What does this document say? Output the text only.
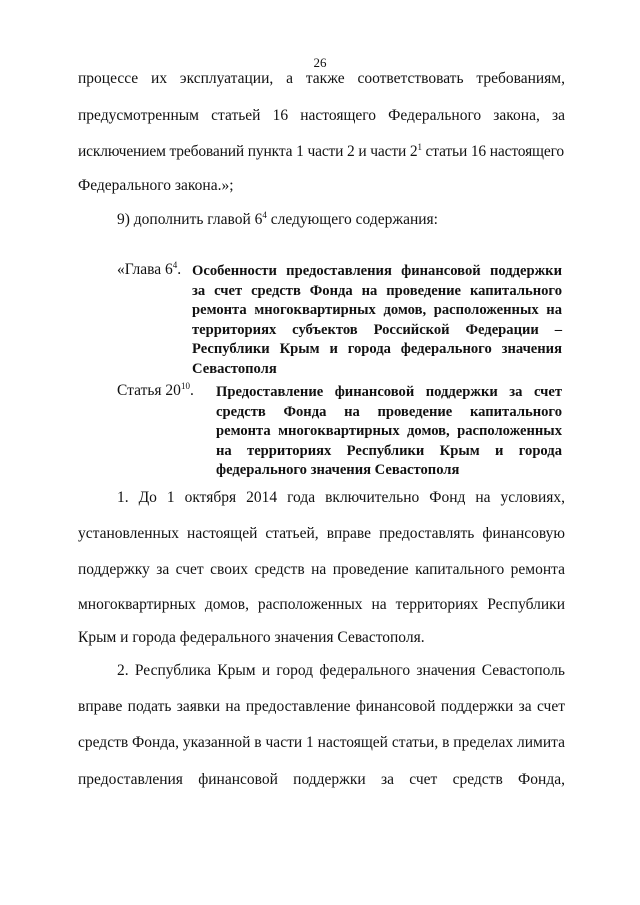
26
процессе их эксплуатации, а также соответствовать требованиям,
предусмотренным статьей 16 настоящего Федерального закона, за
исключением требований пункта 1 части 2 и части $2^1$ статьи 16 настоящего
Федерального закона.»;
9) дополнить главой $6^4$ следующего содержания:
«Глава $6^4$. Особенности предоставления финансовой поддержки
за счет средств Фонда на проведение капитального
ремонта многоквартирных домов, расположенных на
территориях субъектов Российской Федерации –
Республики Крым и города федерального значения
Севастополя
Статья $20^{10}$. Предоставление финансовой поддержки за счет
средств Фонда на проведение капитального
ремонта многоквартирных домов, расположенных
на территориях Республики Крым и города
федерального значения Севастополя
1. До 1 октября 2014 года включительно Фонд на условиях,
установленных настоящей статьей, вправе предоставлять финансовую
поддержку за счет своих средств на проведение капитального ремонта
многоквартирных домов, расположенных на территориях Республики
Крым и города федерального значения Севастополя.
2. Республика Крым и город федерального значения Севастополь
вправе подать заявки на предоставление финансовой поддержки за счет
средств Фонда, указанной в части 1 настоящей статьи, в пределах лимита
предоставления финансовой поддержки за счет средств Фонда,
